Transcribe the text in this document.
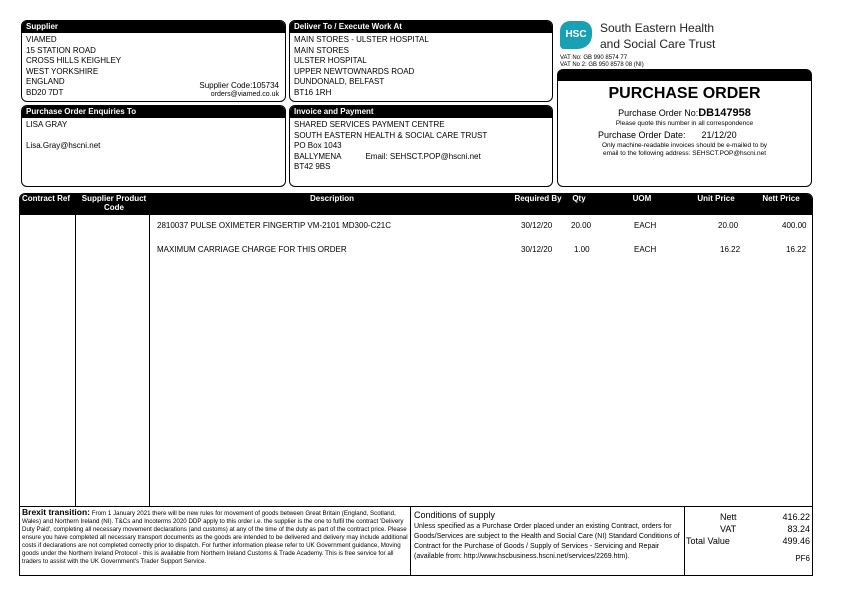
Supplier
VIAMED
15 STATION ROAD
CROSS HILLS KEIGHLEY
WEST YORKSHIRE
ENGLAND
BD20 7DT
Supplier Code:105734
orders@viamed.co.uk
Deliver To / Execute Work At
MAIN STORES - ULSTER HOSPITAL
MAIN STORES
ULSTER HOSPITAL
UPPER NEWTOWNARDS ROAD
DUNDONALD, BELFAST
BT16 1RH
HSC	South Eastern Health
and Social Care Trust
VAT No: GB 990 8574 77
VAT No 2: GB 950 8578 08 (NI)
Purchase Order Enquiries To
LISA GRAY
Lisa.Gray@hscni.net
Invoice and Payment
SHARED SERVICES PAYMENT CENTRE
SOUTH EASTERN HEALTH & SOCIAL CARE TRUST
PO Box 1043
BALLYMENA	Email: SEHSCT.POP@hscni.net
BT42 9BS
PURCHASE ORDER
Purchase Order No:DB147958
Please quote this number in all correspondence
Purchase Order Date: 21/12/20
Only machine-readable invoices should be e-mailed to by
email to the following address: SEHSCT.POP@hscni.net
Contract Ref	Supplier Product Code
Description	Required By	Qty	UOM	Unit Price	Nett Price
2810037 PULSE OXIMETER FINGERTIP VM-2101 MD300-C21C	30/12/20 20.00	EACH	20.00	400.00
MAXIMUM CARRIAGE CHARGE FOR THIS ORDER	30/12/20	1.00	EACH	16.22	16.22
Brexit transition: From 1 January 2021 there will be new rules for movement of goods between Great Britain (England, Scotland, Wales) and Northern Ireland (NI). T&Cs and Incoterms 2020 DDP apply to this order i.e. the supplier is the one to fulfil the contract 'Delivery Duty Paid', completing all necessary movement declarations (and customs) at any of the time of the duty as part of the contract price. Please ensure you have completed all necessary transport documents as the goods are intended to be delivered and delivery may include additional costs if declarations are not completed correctly prior to dispatch. For further information please refer to UK Government guidance, Moving goods under the Northern Ireland Protocol - this is available from Northern Ireland Customs & Trade Academy. This is free service for all traders to assist with the UK Government's Trader Support Service.
Conditions of supply
Unless specified as a Purchase Order placed under an existing Contract, orders for Goods/Services are subject to the Health and Social Care (NI) Standard Conditions of Contract for the Purchase of Goods / Supply of Services - Servicing and Repair (available from: http://www.hscbusiness.hscni.net/services/2269.htm).
Nett	416.22
VAT	83.24
Total Value	499.46
PF6
